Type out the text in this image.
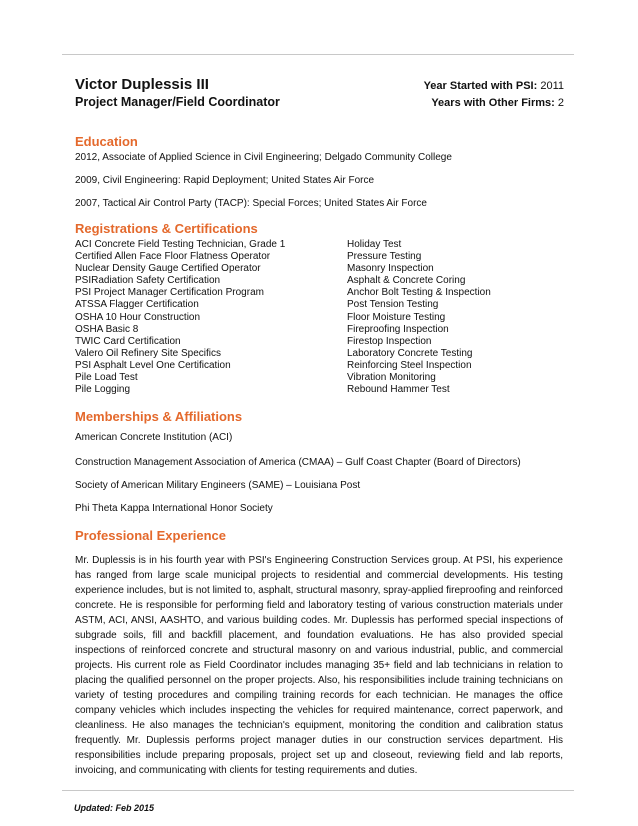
Victor Duplessis III
Project Manager/Field Coordinator
Year Started with PSI: 2011
Years with Other Firms: 2
Education
2012, Associate of Applied Science in Civil Engineering; Delgado Community College
2009, Civil Engineering: Rapid Deployment; United States Air Force
2007, Tactical Air Control Party (TACP): Special Forces; United States Air Force
Registrations & Certifications
ACI Concrete Field Testing Technician, Grade 1
Certified Allen Face Floor Flatness Operator
Nuclear Density Gauge Certified Operator
PSIRadiation Safety Certification
PSI Project Manager Certification Program
ATSSA Flagger Certification
OSHA 10 Hour Construction
OSHA Basic 8
TWIC Card Certification
Valero Oil Refinery Site Specifics
PSI Asphalt Level One Certification
Pile Load Test
Pile Logging
Holiday Test
Pressure Testing
Masonry Inspection
Asphalt & Concrete Coring
Anchor Bolt Testing & Inspection
Post Tension Testing
Floor Moisture Testing
Fireproofing Inspection
Firestop Inspection
Laboratory Concrete Testing
Reinforcing Steel Inspection
Vibration Monitoring
Rebound Hammer Test
Memberships & Affiliations
American Concrete Institution (ACI)
Construction Management Association of America (CMAA) – Gulf Coast Chapter (Board of Directors)
Society of American Military Engineers (SAME) – Louisiana Post
Phi Theta Kappa International Honor Society
Professional Experience
Mr. Duplessis is in his fourth year with PSI's Engineering Construction Services group. At PSI, his experience has ranged from large scale municipal projects to residential and commercial developments. His testing experience includes, but is not limited to, asphalt, structural masonry, spray-applied fireproofing and reinforced concrete. He is responsible for performing field and laboratory testing of various construction materials under ASTM, ACI, ANSI, AASHTO, and various building codes. Mr. Duplessis has performed special inspections of subgrade soils, fill and backfill placement, and foundation evaluations. He has also provided special inspections of reinforced concrete and structural masonry on and various industrial, public, and commercial projects. His current role as Field Coordinator includes managing 35+ field and lab technicians in relation to placing the qualified personnel on the proper projects. Also, his responsibilities include training technicians on variety of testing procedures and compiling training records for each technician. He manages the office company vehicles which includes inspecting the vehicles for required maintenance, correct paperwork, and cleanliness. He also manages the technician's equipment, monitoring the condition and calibration status frequently. Mr. Duplessis performs project manager duties in our construction services department. His responsibilities include preparing proposals, project set up and closeout, reviewing field and lab reports, invoicing, and communicating with clients for testing requirements and duties.
Updated: Feb 2015
